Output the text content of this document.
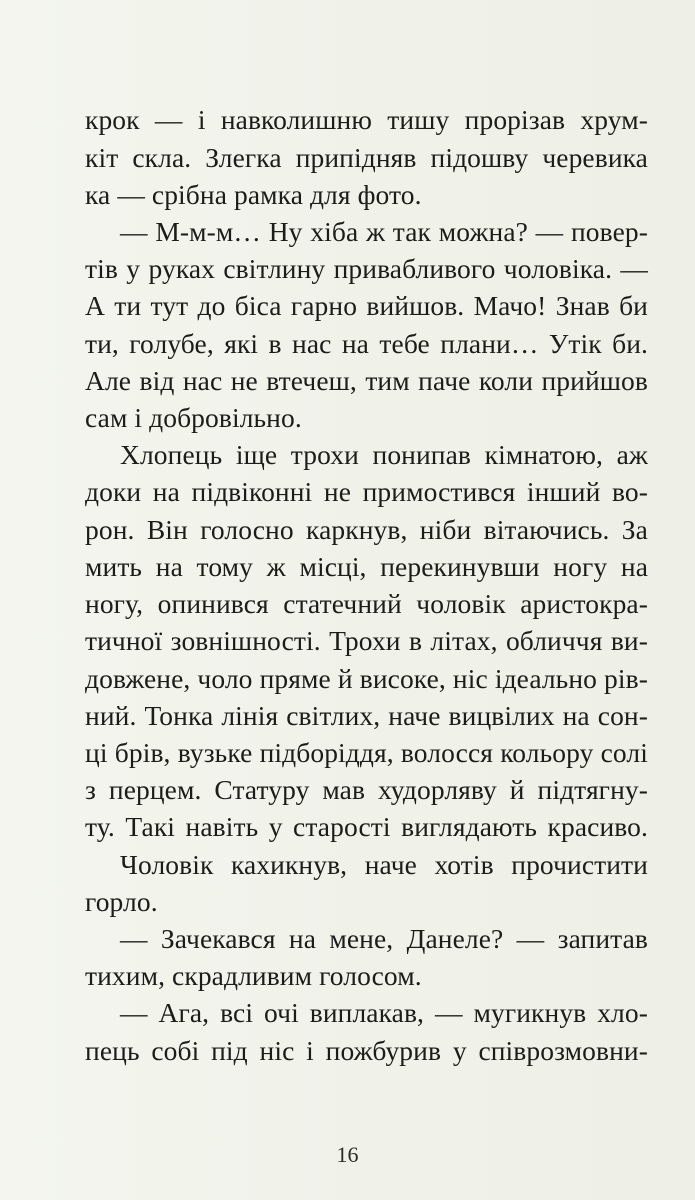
крок — і навколишню тишу прорізав хрум-
кіт скла. Злегка припідняв підошву черевика
ка — срібна рамка для фото.
— М-м-м… Ну хіба ж так можна? — повер-
тів у руках світлину привабливого чоловіка. —
А ти тут до біса гарно вийшов. Мачо! Знав би
ти, голубе, які в нас на тебе плани… Утік би.
Але від нас не втечеш, тим паче коли прийшов
сам і добровільно.
Хлопець іще трохи понипав кімнатою, аж
доки на підвіконні не примостився інший во-
рон. Він голосно каркнув, ніби вітаючись. За
мить на тому ж місці, перекинувши ногу на
ногу, опинився статечний чоловік аристокра-
тичної зовнішності. Трохи в літах, обличчя ви-
довжене, чоло пряме й високе, ніс ідеально рів-
ний. Тонка лінія світлих, наче вицвілих на сон-
ці брів, вузьке підборіддя, волосся кольору солі
з перцем. Статуру мав худорляву й підтягну-
ту. Такі навіть у старості виглядають красиво.
Чоловік кахикнув, наче хотів прочистити
горло.
— Зачекався на мене, Данеле? — запитав
тихим, скрадливим голосом.
— Ага, всі очі виплакав, — мугикнув хло-
пець собі під ніс і пожбурив у співрозмовни-
16
